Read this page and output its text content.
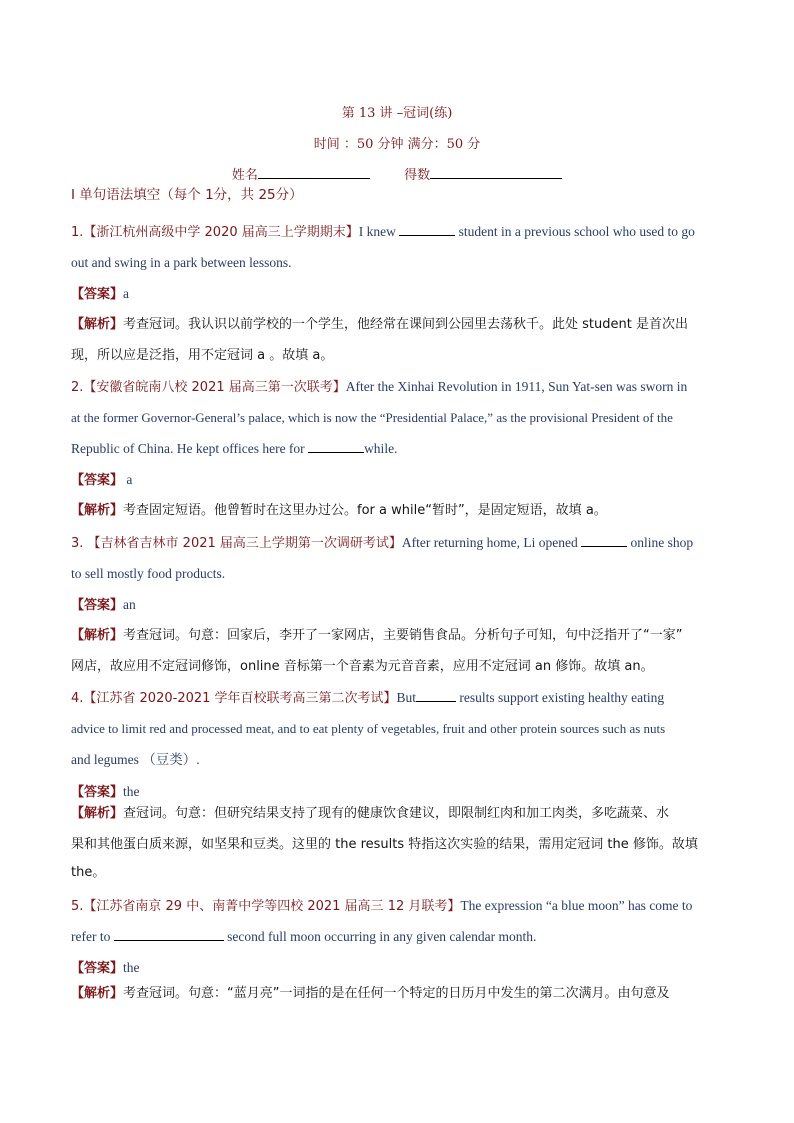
第 13 讲 –冠词(练)
时间 ：50 分钟 满分：50 分
姓名	得数
Ⅰ 单句语法填空（每个 1分，共 25分）
1.【浙江杭州高级中学 2020 届高三上学期期末】I knew	student in a previous school who used to go
out and swing in a park between lessons.
【答案】a
【解析】考查冠词。我认识以前学校的一个学生，他经常在课间到公园里去荡秋千。此处 student 是首次出
现，所以应是泛指，用不定冠词 a 。故填 a。
2.【安徽省皖南八校 2021 届高三第一次联考】After the Xinhai Revolution in 1911, Sun Yat-sen was sworn in
at the former Governor-General’s palace, which is now the “Presidential Palace,” as the provisional President of the
Republic of China. He kept offices here for	while.
【答案】 a
【解析】考查固定短语。他曾暂时在这里办过公。for a while“暂时”，是固定短语，故填 a。
3. 【吉林省吉林市 2021 届高三上学期第一次调研考试】After returning home, Li opened	online shop
to sell mostly food products.
【答案】an
【解析】考查冠词。句意：回家后，李开了一家网店，主要销售食品。分析句子可知，句中泛指开了“一家”
网店，故应用不定冠词修饰，online 音标第一个音素为元音音素，应用不定冠词 an 修饰。故填 an。
4.【江苏省 2020-2021 学年百校联考高三第二次考试】But	results support existing healthy eating
advice to limit red and processed meat, and to eat plenty of vegetables, fruit and other protein sources such as nuts
and legumes （豆类）.
【答案】the
【解析】查冠词。句意：但研究结果支持了现有的健康饮食建议，即限制红肉和加工肉类，多吃蔬菜、水
果和其他蛋白质来源，如坚果和豆类。这里的 the results 特指这次实验的结果，需用定冠词 the 修饰。故填
the。
5.【江苏省南京 29 中、南菁中学等四校 2021 届高三 12 月联考】The expression “a blue moon” has come to
refer to	second full moon occurring in any given calendar month.
【答案】the
【解析】考查冠词。句意：“蓝月亮”一词指的是在任何一个特定的日历月中发生的第二次满月。由句意及
